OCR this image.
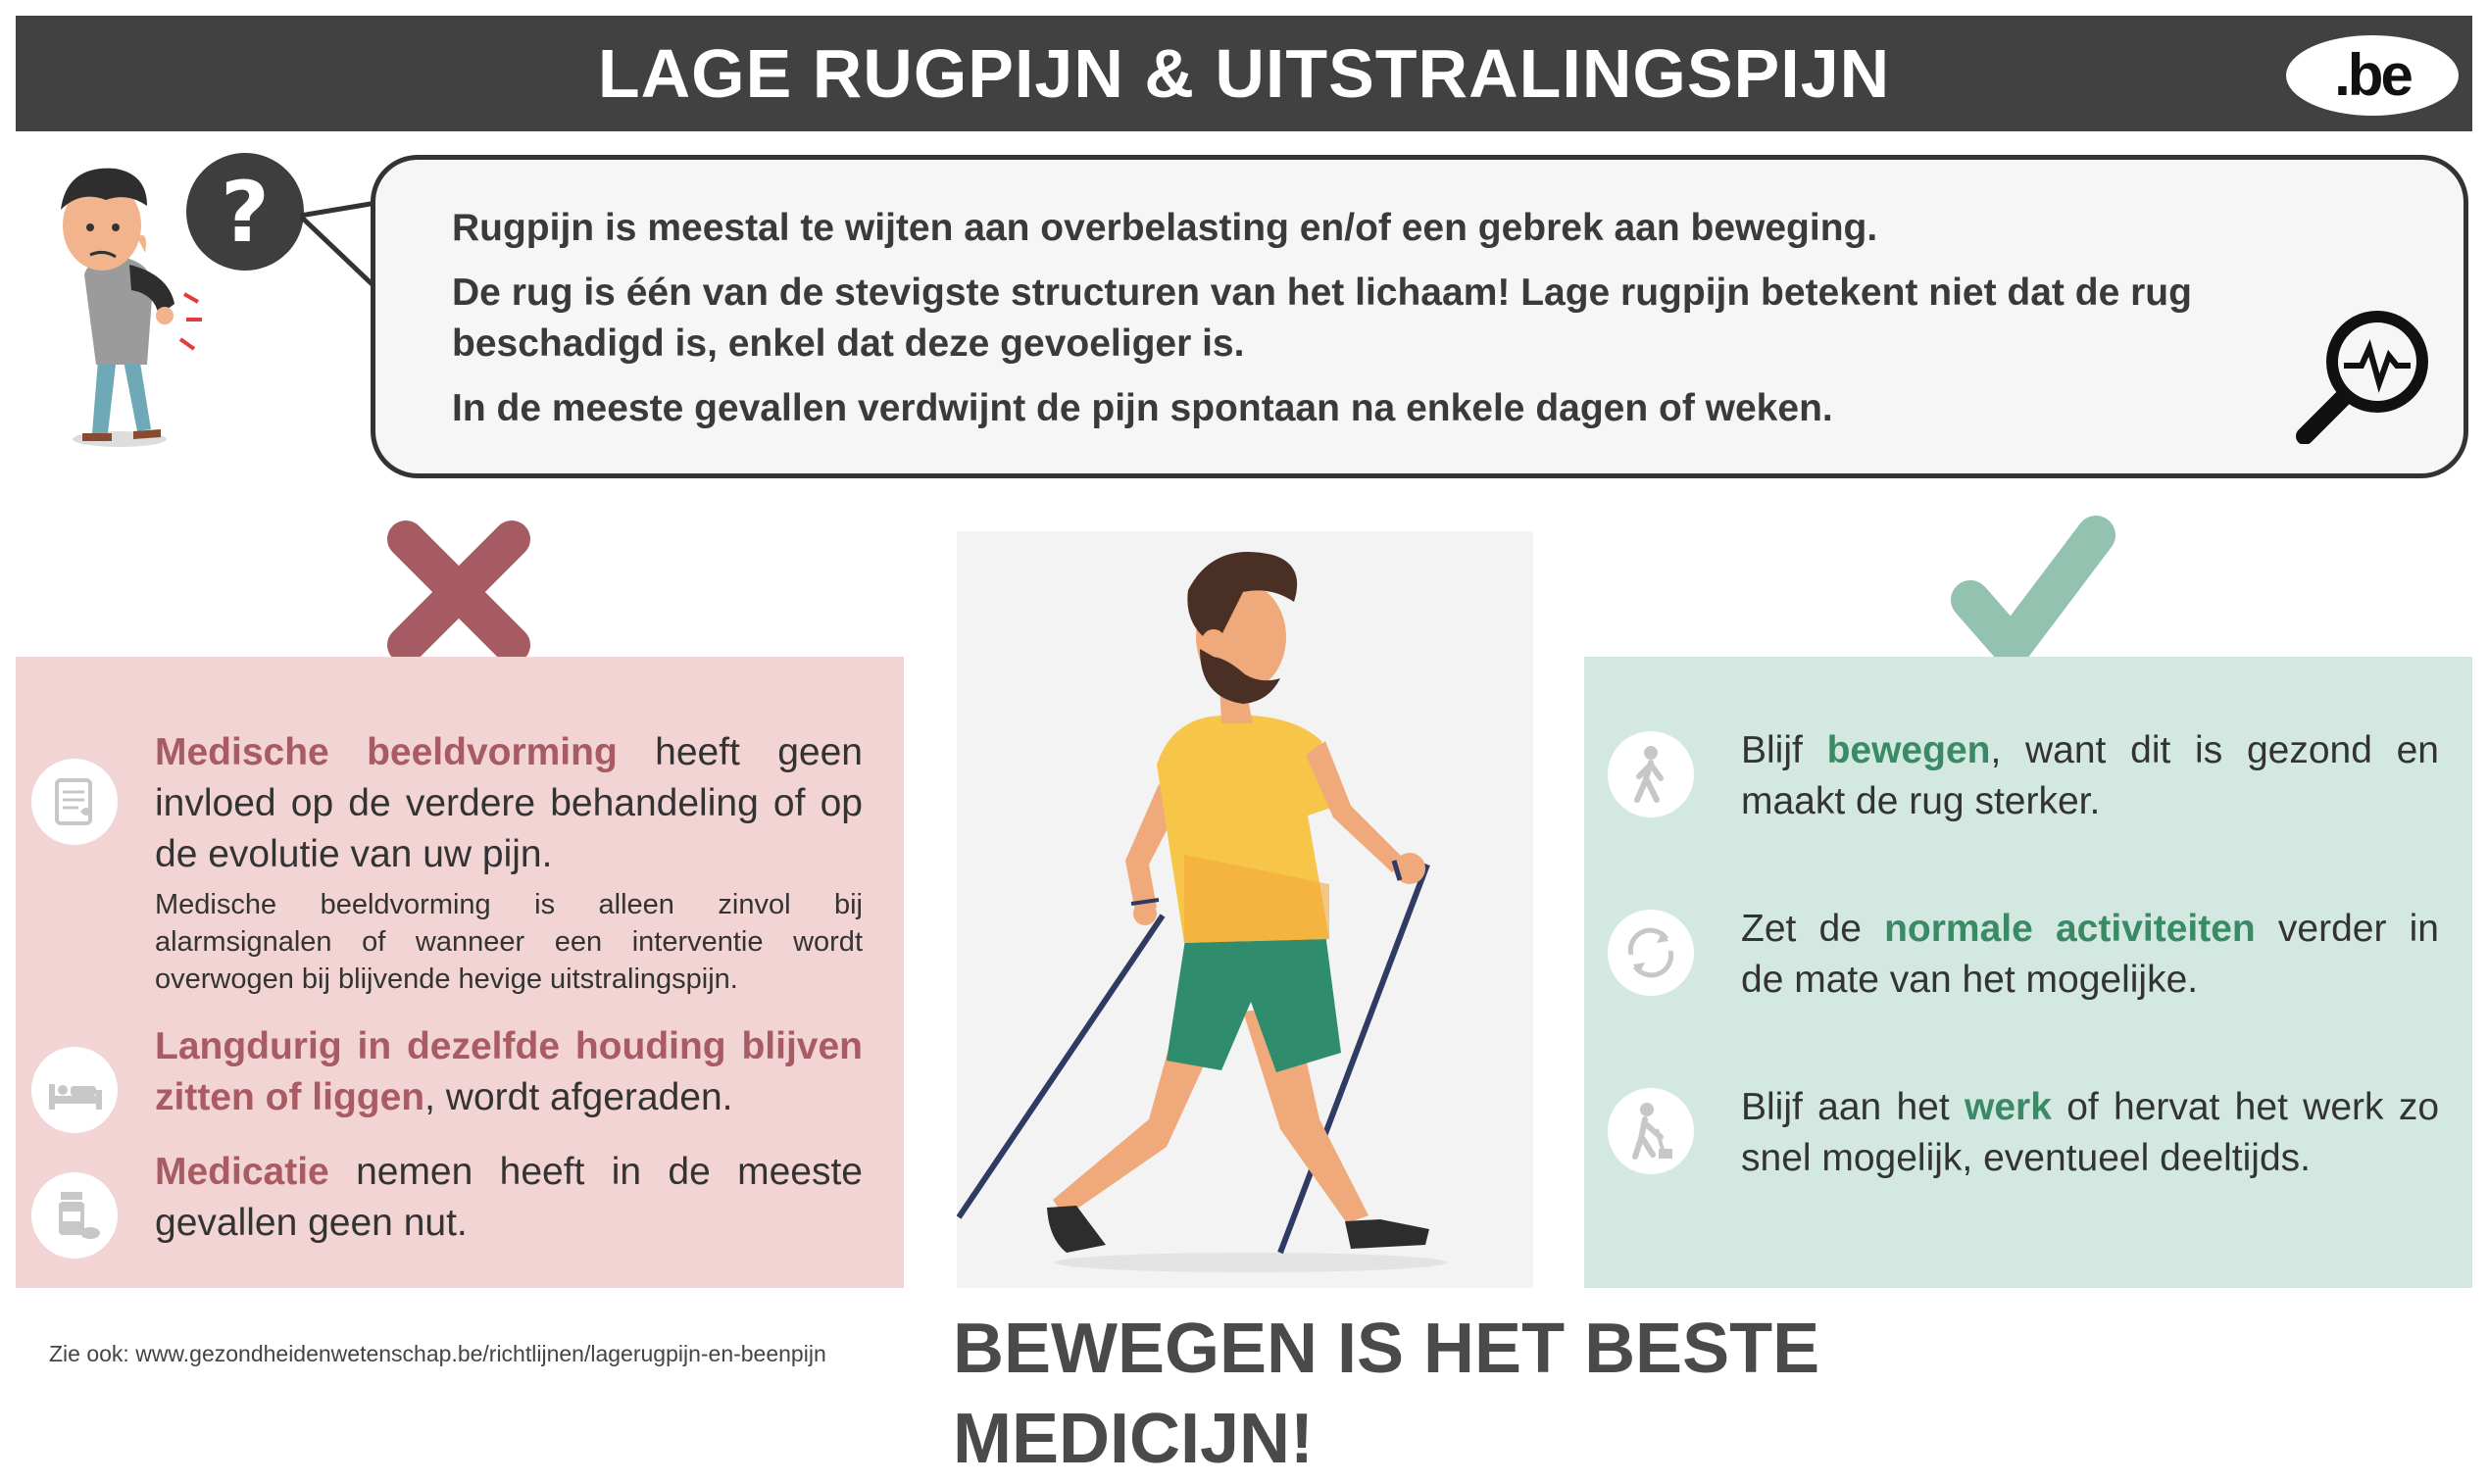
LAGE RUGPIJN & UITSTRALINGSPIJN	.be
?	Rugpijn is meestal te wijten aan overbelasting en/of een gebrek aan beweging.
De rug is één van de stevigste structuren van het lichaam! Lage rugpijn betekent niet dat de rug
beschadigd is, enkel dat deze gevoeliger is.
In de meeste gevallen verdwijnt de pijn spontaan na enkele dagen of weken.
Medische beeldvorming heeft geen
invloed op de verdere behandeling of op
de evolutie van uw pijn.
Medische beeldvorming is alleen zinvol bij
alarmsignalen of wanneer een interventie wordt
overwogen bij blijvende hevige uitstralingspijn.
Langdurig in dezelfde houding blijven
zitten of liggen, wordt afgeraden.
Medicatie nemen heeft in de meeste
gevallen geen nut.
Blijf bewegen, want dit is gezond en
maakt de rug sterker.
Zet de normale activiteiten verder in
de mate van het mogelijke.
Blijf aan het werk of hervat het werk zo
snel mogelijk, eventueel deeltijds.
Zie ook: www.gezondheidenwetenschap.be/richtlijnen/lagerugpijn-en-beenpijn BEWEGEN IS HET BESTE MEDICIJN!
